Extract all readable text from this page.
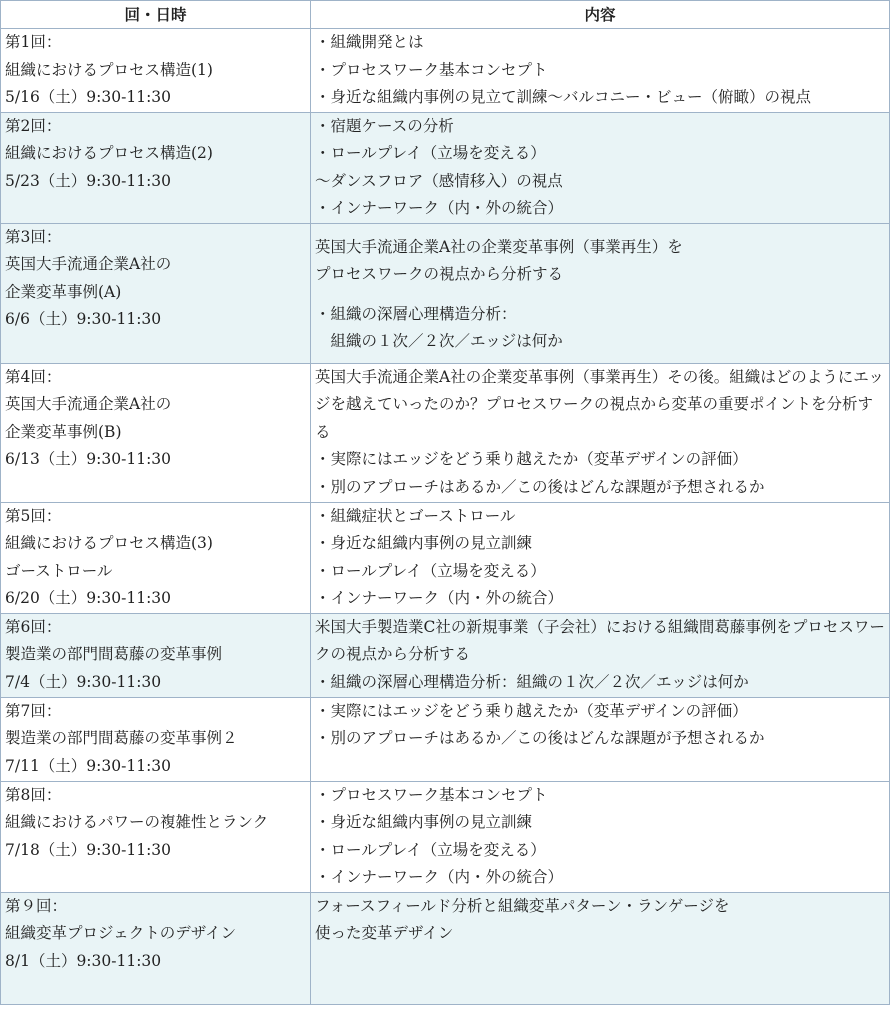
回・日時	内容

第1回：
組織におけるプロセス構造(1)
5/16（土）9:30-11:30	・組織開発とは
・プロセスワーク基本コンセプト
・身近な組織内事例の見立て訓練〜バルコニー・ビュー（俯瞰）の視点

第2回：
組織におけるプロセス構造(2)
5/23（土）9:30-11:30	・宿題ケースの分析
・ロールプレイ（立場を変える）
〜ダンスフロア（感情移入）の視点
・インナーワーク（内・外の統合）

第3回：
英国大手流通企業A社の
企業変革事例(A)
6/6（土）9:30-11:30	英国大手流通企業A社の企業変革事例（事業再生）を
プロセスワークの視点から分析する
・組織の深層心理構造分析：
　組織の１次／２次／エッジは何か

第4回：
英国大手流通企業A社の
企業変革事例(B)
6/13（土）9:30-11:30	英国大手流通企業A社の企業変革事例（事業再生）その後。組織はどのようにエッジを越えていったのか？プロセスワークの視点から変革の重要ポイントを分析する
・実際にはエッジをどう乗り越えたか（変革デザインの評価）
・別のアプローチはあるか／この後はどんな課題が予想されるか

第5回：
組織におけるプロセス構造(3)
ゴーストロール
6/20（土）9:30-11:30	・組織症状とゴーストロール
・身近な組織内事例の見立訓練
・ロールプレイ（立場を変える）
・インナーワーク（内・外の統合）

第6回：
製造業の部門間葛藤の変革事例
7/4（土）9:30-11:30	米国大手製造業C社の新規事業（子会社）における組織間葛藤事例をプロセスワークの視点から分析する
・組織の深層心理構造分析：組織の１次／２次／エッジは何か

第7回：
製造業の部門間葛藤の変革事例２
7/11（土）9:30-11:30	・実際にはエッジをどう乗り越えたか（変革デザインの評価）
・別のアプローチはあるか／この後はどんな課題が予想されるか

第8回：
組織におけるパワーの複雑性とランク
7/18（土）9:30-11:30	・プロセスワーク基本コンセプト
・身近な組織内事例の見立訓練
・ロールプレイ（立場を変える）
・インナーワーク（内・外の統合）

第９回：
組織変革プロジェクトのデザイン
8/1（土）9:30-11:30	フォースフィールド分析と組織変革パターン・ランゲージを
使った変革デザイン
